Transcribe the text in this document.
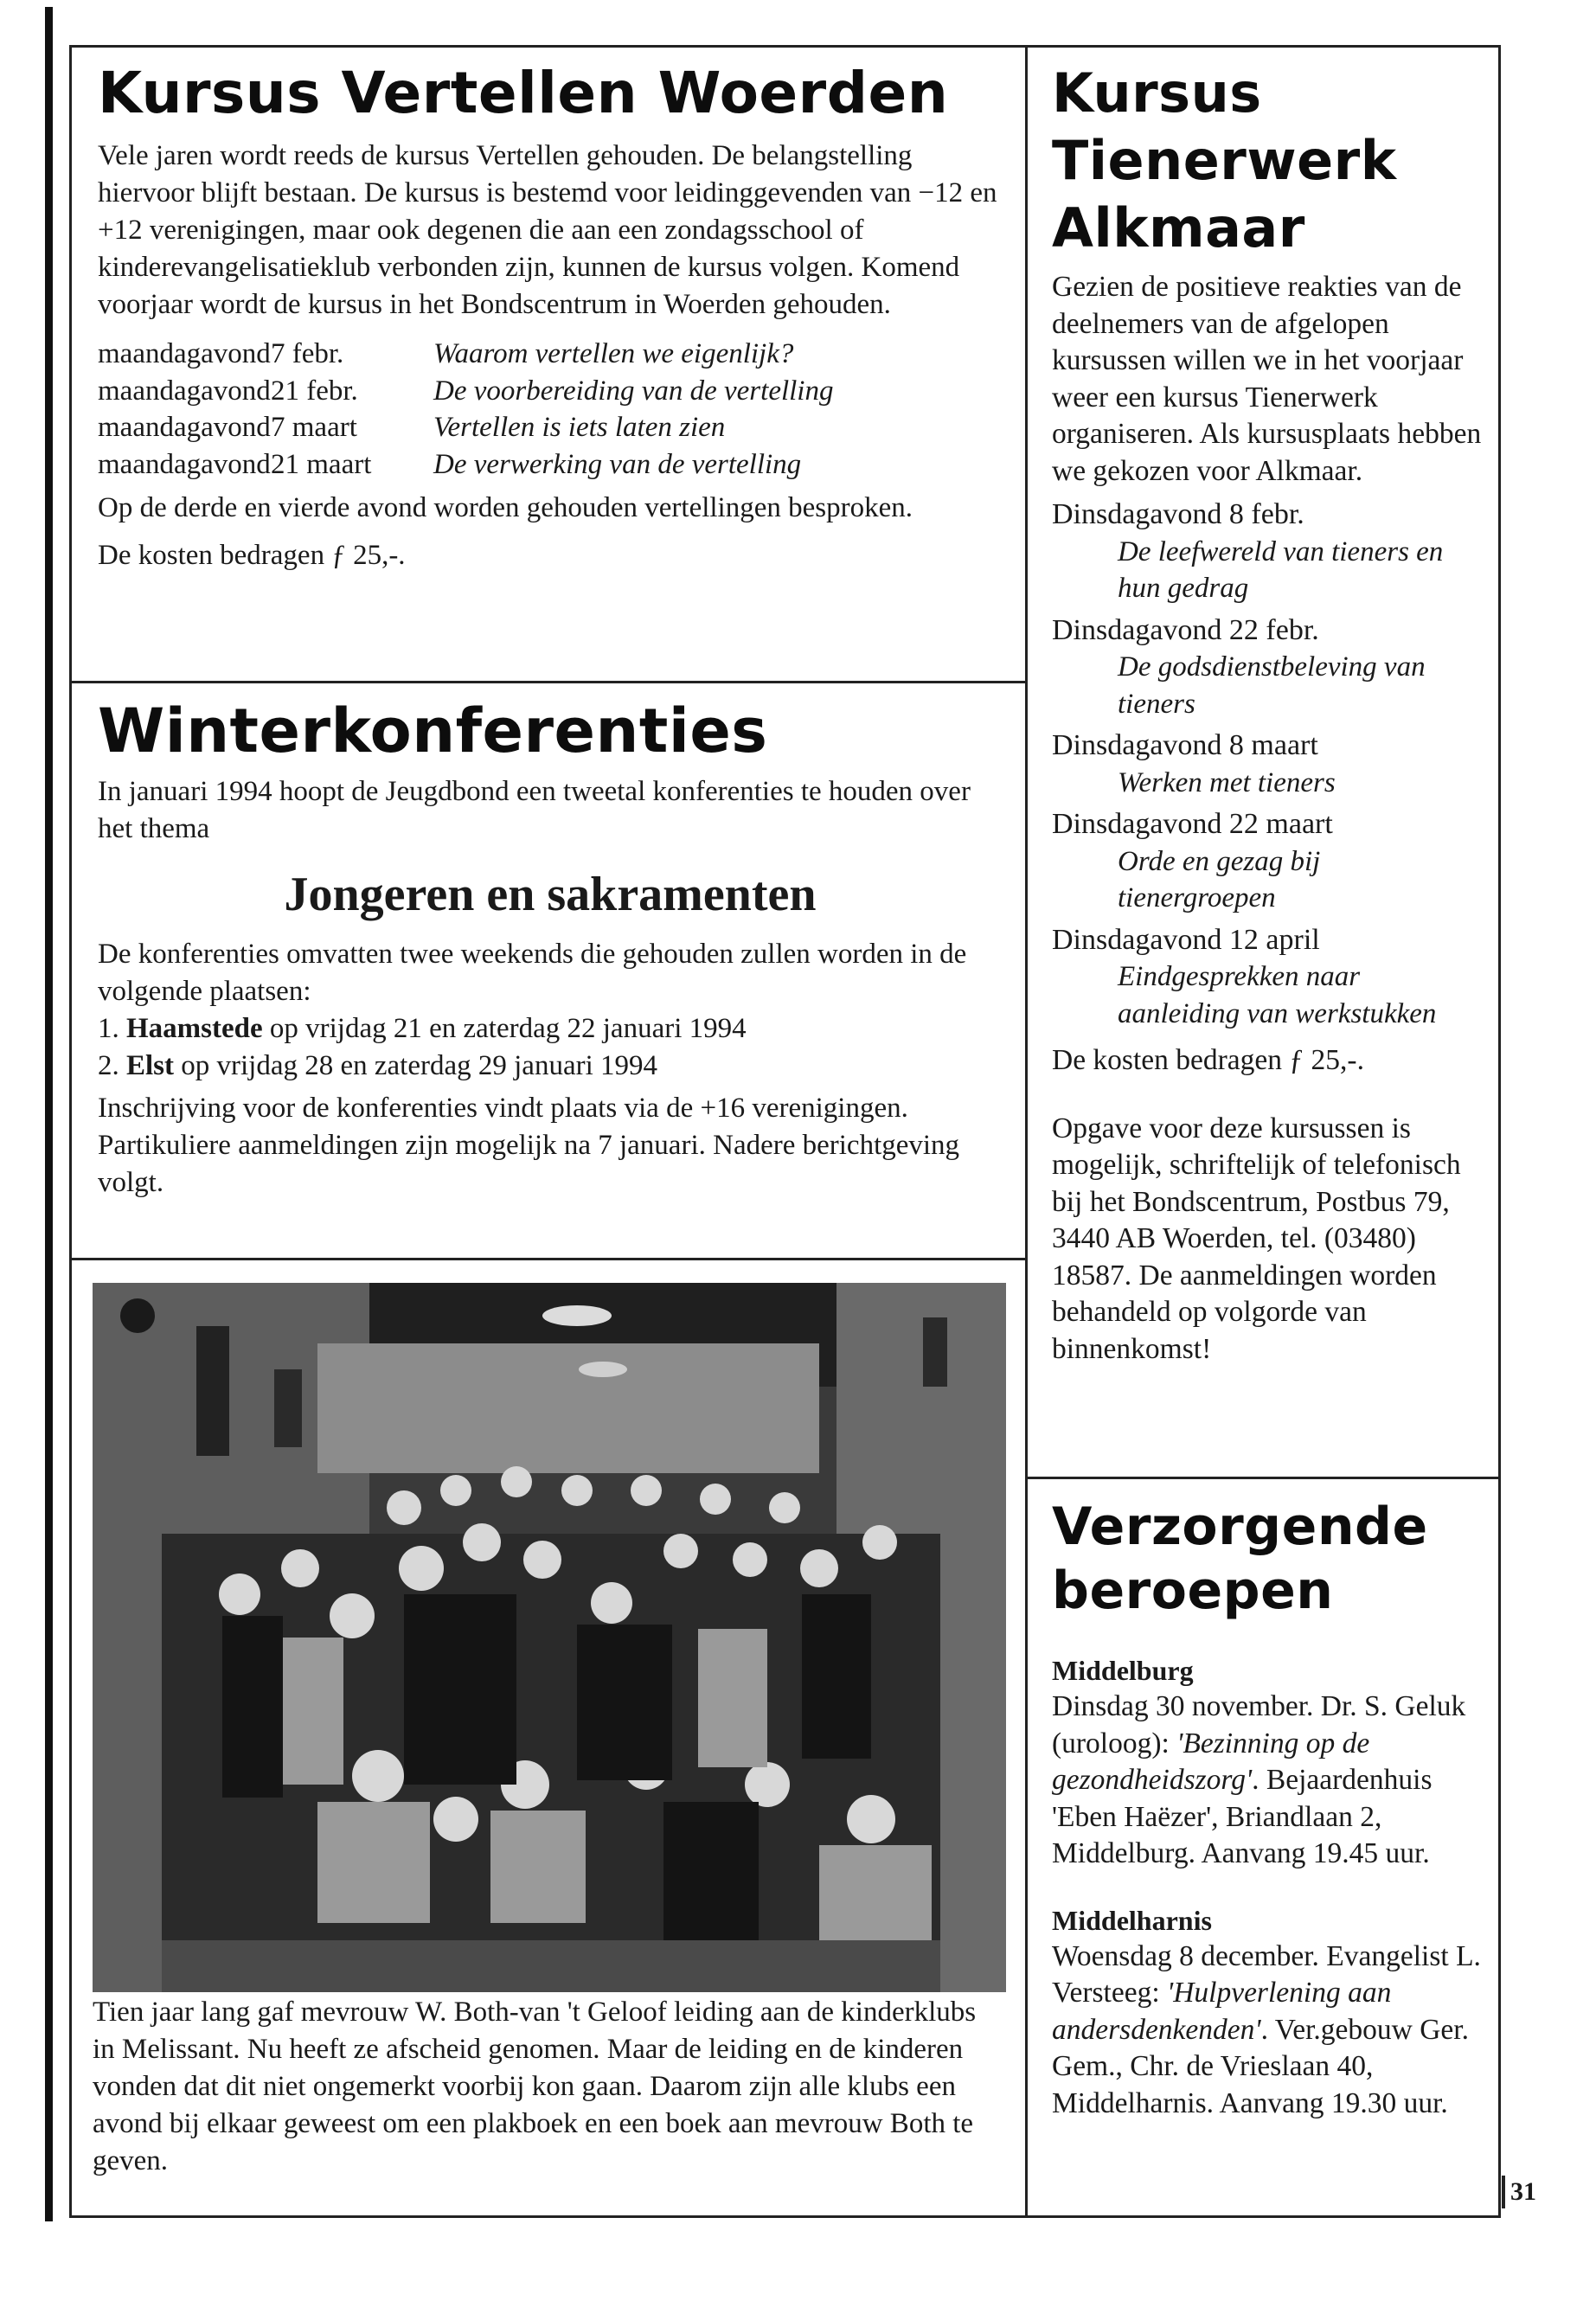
Kursus Vertellen Woerden

Vele jaren wordt reeds de kursus Vertellen gehouden. De belangstelling hiervoor blijft bestaan. De kursus is bestemd voor leidinggevenden van −12 en +12 verenigingen, maar ook degenen die aan een zondagsschool of kinderevangelisatieklub verbonden zijn, kunnen de kursus volgen. Komend voorjaar wordt de kursus in het Bondscentrum in Woerden gehouden.

maandagavond 7 febr.	Waarom vertellen we eigenlijk?
maandagavond 21 febr.	De voorbereiding van de vertelling
maandagavond 7 maart	Vertellen is iets laten zien
maandagavond 21 maart	De verwerking van de vertelling

Op de derde en vierde avond worden gehouden vertellingen besproken.

De kosten bedragen ƒ 25,-.

Winterkonferenties

In januari 1994 hoopt de Jeugdbond een tweetal konferenties te houden over het thema

Jongeren en sakramenten

De konferenties omvatten twee weekends die gehouden zullen worden in de volgende plaatsen:

1. Haamstede op vrijdag 21 en zaterdag 22 januari 1994
2. Elst op vrijdag 28 en zaterdag 29 januari 1994

Inschrijving voor de konferenties vindt plaats via de +16 verenigingen. Partikuliere aanmeldingen zijn mogelijk na 7 januari. Nadere berichtgeving volgt.

Tien jaar lang gaf mevrouw W. Both-van 't Geloof leiding aan de kinderklubs in Melissant. Nu heeft ze afscheid genomen. Maar de leiding en de kinderen vonden dat dit niet ongemerkt voorbij kon gaan. Daarom zijn alle klubs een avond bij elkaar geweest om een plakboek en een boek aan mevrouw Both te geven.
Kursus
Tienerwerk
Alkmaar

Gezien de positieve reakties van de deelnemers van de afgelopen kursussen willen we in het voorjaar weer een kursus Tienerwerk organiseren. Als kursusplaats hebben we gekozen voor Alkmaar.

Dinsdagavond 8 febr.
De leefwereld van tieners en hun gedrag
Dinsdagavond 22 febr.
De godsdienstbeleving van tieners
Dinsdagavond 8 maart
Werken met tieners
Dinsdagavond 22 maart
Orde en gezag bij tienergroepen
Dinsdagavond 12 april
Eindgesprekken naar aanleiding van werkstukken

De kosten bedragen ƒ 25,-.

Opgave voor deze kursussen is mogelijk, schriftelijk of telefonisch bij het Bondscentrum, Postbus 79, 3440 AB Woerden, tel. (03480) 18587. De aanmeldingen worden behandeld op volgorde van binnenkomst!

Verzorgende
beroepen
Middelburg

Dinsdag 30 november. Dr. S. Geluk (uroloog): 'Bezinning op de gezondheidszorg'. Bejaardenhuis 'Eben Haëzer', Briandlaan 2, Middelburg. Aanvang 19.45 uur.

Middelharnis

Woensdag 8 december. Evangelist L. Versteeg: 'Hulpverlening aan andersdenkenden'. Ver.gebouw Ger. Gem., Chr. de Vrieslaan 40, Middelharnis. Aanvang 19.30 uur.

31
